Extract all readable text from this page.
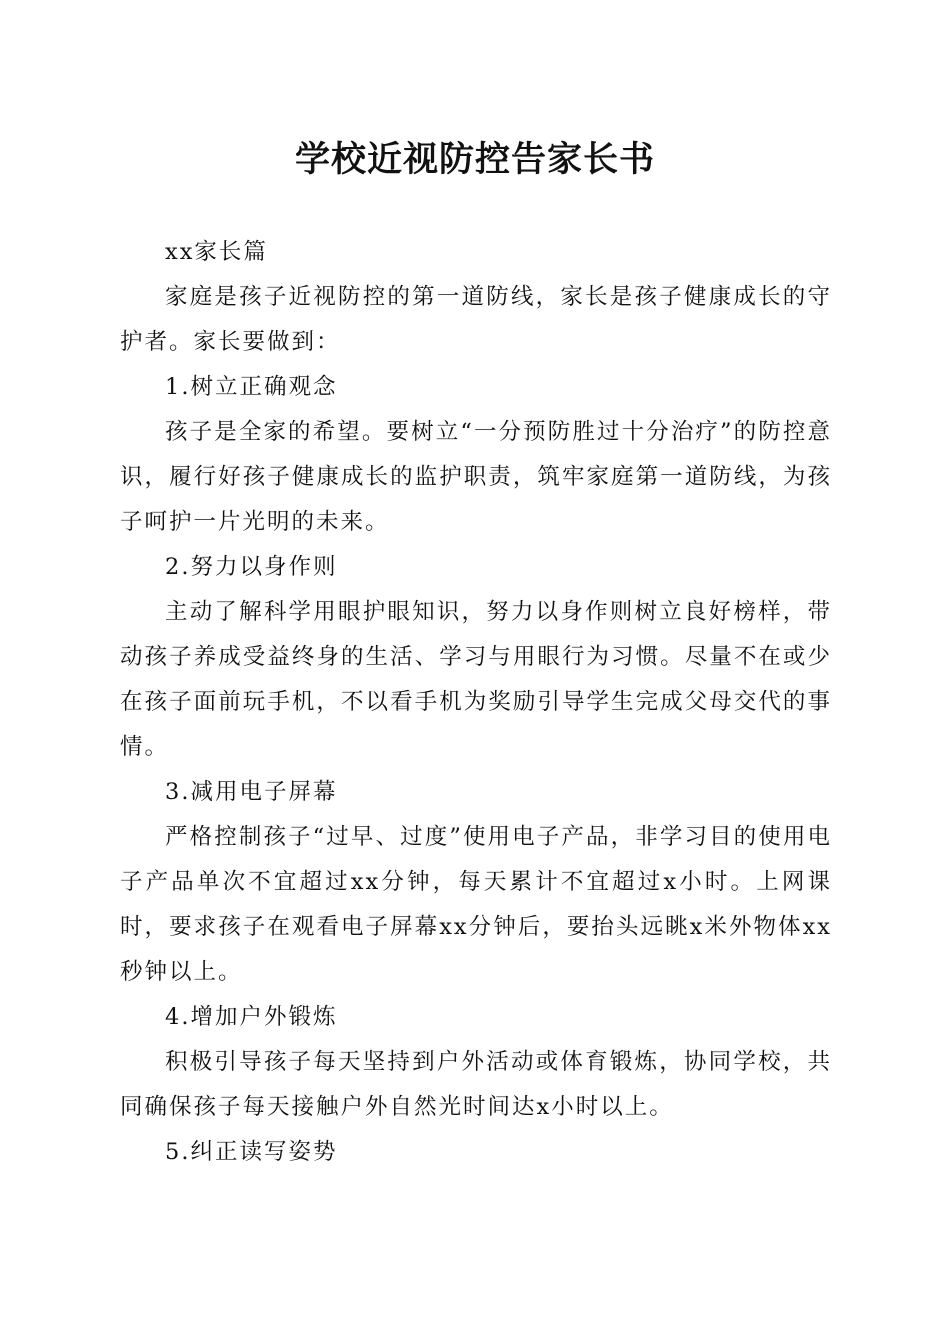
学校近视防控告家长书

xx家长篇

家庭是孩子近视防控的第一道防线，家长是孩子健康成长的守护者。家长要做到：

1.树立正确观念

孩子是全家的希望。要树立“一分预防胜过十分治疗”的防控意识，履行好孩子健康成长的监护职责，筑牢家庭第一道防线，为孩子呵护一片光明的未来。

2.努力以身作则

主动了解科学用眼护眼知识，努力以身作则树立良好榜样，带动孩子养成受益终身的生活、学习与用眼行为习惯。尽量不在或少在孩子面前玩手机，不以看手机为奖励引导学生完成父母交代的事情。

3.减用电子屏幕

严格控制孩子“过早、过度”使用电子产品，非学习目的使用电子产品单次不宜超过xx分钟，每天累计不宜超过x小时。上网课时，要求孩子在观看电子屏幕xx分钟后，要抬头远眺x米外物体xx秒钟以上。

4.增加户外锻炼

积极引导孩子每天坚持到户外活动或体育锻炼，协同学校，共同确保孩子每天接触户外自然光时间达x小时以上。

5.纠正读写姿势
